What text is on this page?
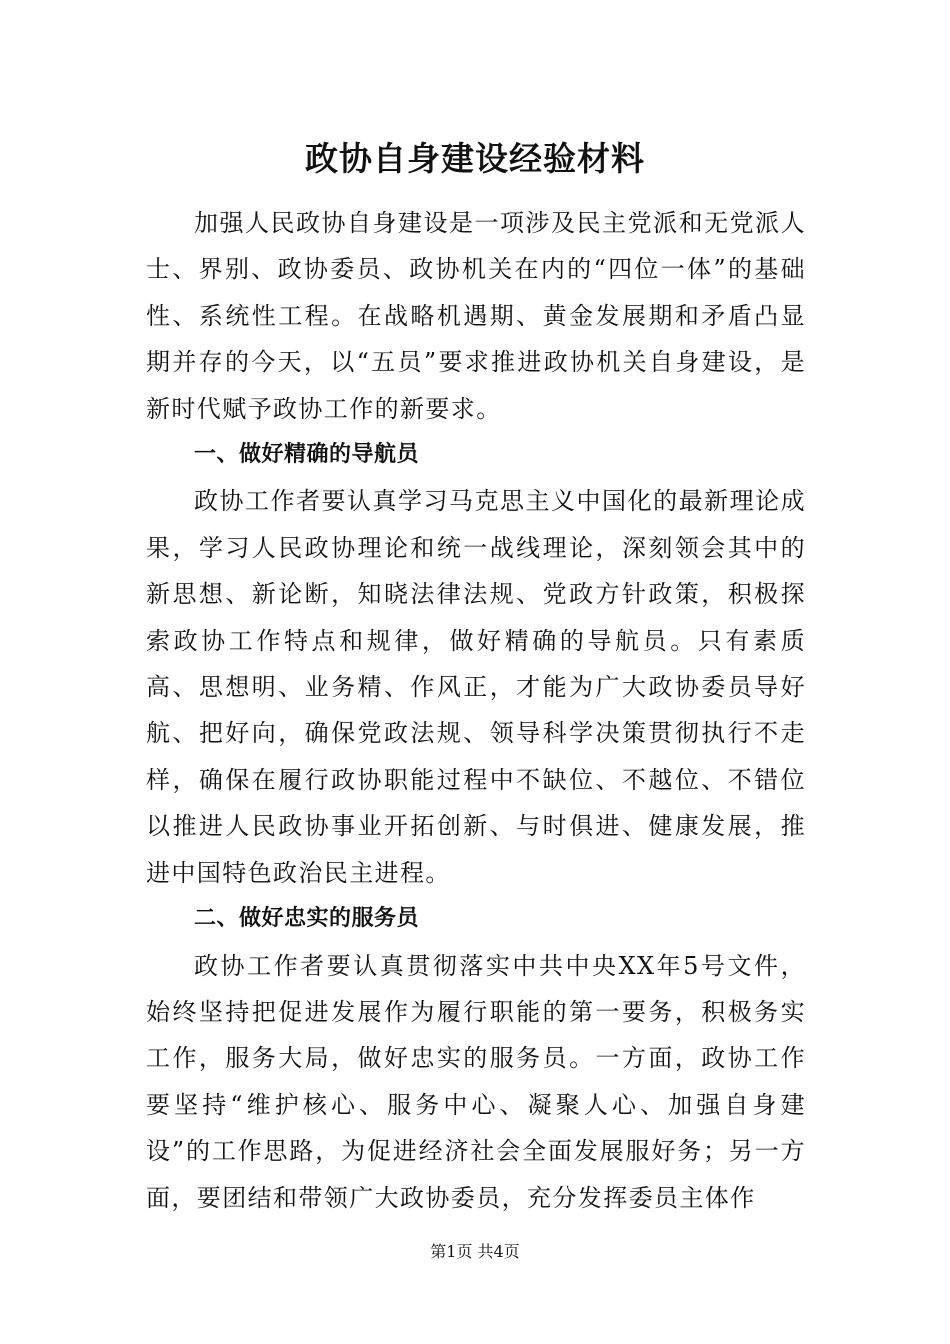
政协自身建设经验材料

加强人民政协自身建设是一项涉及民主党派和无党派人士、界别、政协委员、政协机关在内的“四位一体”的基础性、系统性工程。在战略机遇期、黄金发展期和矛盾凸显期并存的今天，以“五员”要求推进政协机关自身建设，是新时代赋予政协工作的新要求。

一、做好精确的导航员

政协工作者要认真学习马克思主义中国化的最新理论成果，学习人民政协理论和统一战线理论，深刻领会其中的新思想、新论断，知晓法律法规、党政方针政策，积极探索政协工作特点和规律，做好精确的导航员。只有素质高、思想明、业务精、作风正，才能为广大政协委员导好航、把好向，确保党政法规、领导科学决策贯彻执行不走样，确保在履行政协职能过程中不缺位、不越位、不错位以推进人民政协事业开拓创新、与时俱进、健康发展，推进中国特色政治民主进程。

二、做好忠实的服务员

政协工作者要认真贯彻落实中共中央XX年5号文件，始终坚持把促进发展作为履行职能的第一要务，积极务实工作，服务大局，做好忠实的服务员。一方面，政协工作要坚持“维护核心、服务中心、凝聚人心、加强自身建设”的工作思路，为促进经济社会全面发展服好务；另一方面，要团结和带领广大政协委员，充分发挥委员主体作

第1页 共4页
